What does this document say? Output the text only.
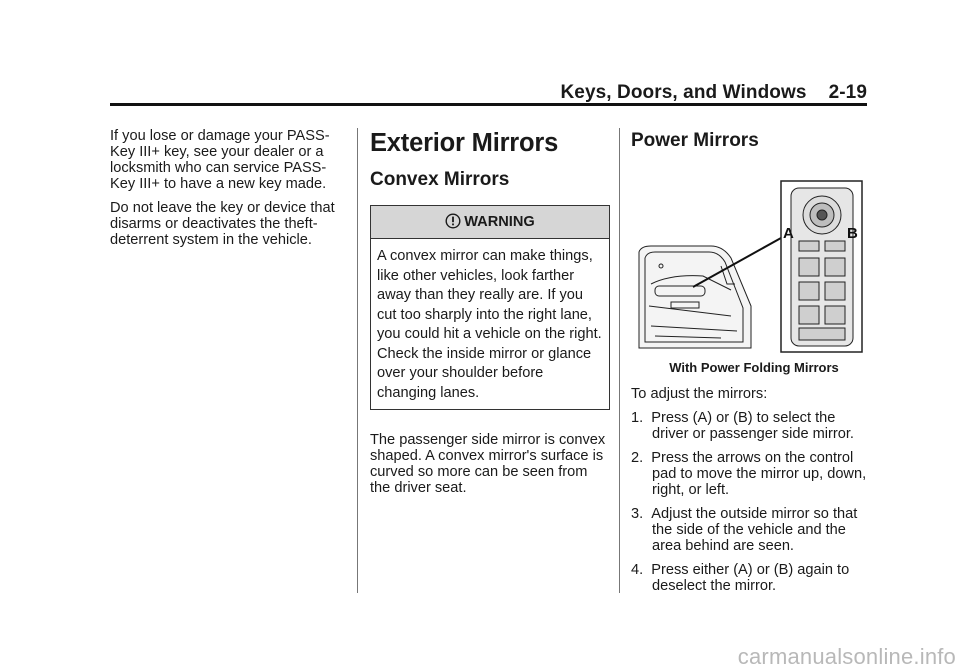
Keys, Doors, and Windows 2-19

If you lose or damage your PASS-Key III+ key, see your dealer or a locksmith who can service PASS-Key III+ to have a new key made.

Do not leave the key or device that disarms or deactivates the theft-deterrent system in the vehicle.

Exterior Mirrors
Convex Mirrors
WARNING
A convex mirror can make things, like other vehicles, look farther away than they really are. If you cut too sharply into the right lane, you could hit a vehicle on the right. Check the inside mirror or glance over your shoulder before changing lanes.

The passenger side mirror is convex shaped. A convex mirror's surface is curved so more can be seen from the driver seat.

Power Mirrors
A	B
With Power Folding Mirrors

To adjust the mirrors:

1. Press (A) or (B) to select the driver or passenger side mirror.
2. Press the arrows on the control pad to move the mirror up, down, right, or left.
3. Adjust the outside mirror so that the side of the vehicle and the area behind are seen.
4. Press either (A) or (B) again to deselect the mirror.
carmanualsonline.info
